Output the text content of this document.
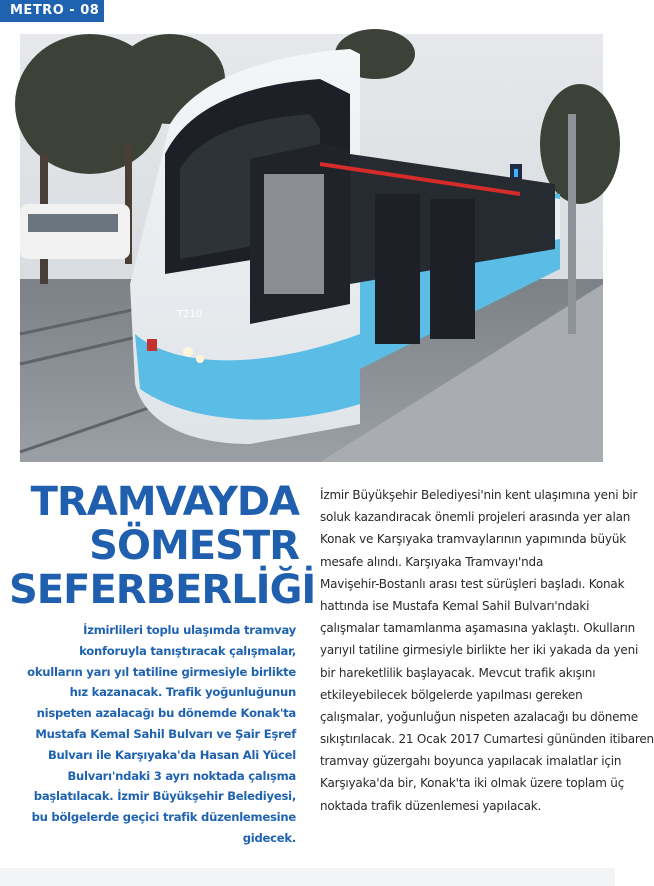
METRO - 08
T210
TRAMVAYDA
SÖMESTR
SEFERBERLİĞİ
İzmirlileri toplu ulaşımda tramvay konforuyla tanıştıracak çalışmalar, okulların yarı yıl tatiline girmesiyle birlikte hız kazanacak. Trafik yoğunluğunun nispeten azalacağı bu dönemde Konak'ta Mustafa Kemal Sahil Bulvarı ve Şair Eşref Bulvarı ile Karşıyaka'da Hasan Ali Yücel Bulvarı'ndaki 3 ayrı noktada çalışma başlatılacak. İzmir Büyükşehir Belediyesi, bu bölgelerde geçici trafik düzenlemesine gidecek.
İzmir Büyükşehir Belediyesi'nin kent ulaşımına yeni bir
soluk kazandıracak önemli projeleri arasında yer alan
Konak ve Karşıyaka tramvaylarının yapımında büyük
mesafe alındı. Karşıyaka Tramvayı'nda
Mavişehir-Bostanlı arası test sürüşleri başladı. Konak
hattında ise Mustafa Kemal Sahil Bulvarı'ndaki
çalışmalar tamamlanma aşamasına yaklaştı. Okulların
yarıyıl tatiline girmesiyle birlikte her iki yakada da yeni
bir hareketlilik başlayacak. Mevcut trafik akışını
etkileyebilecek bölgelerde yapılması gereken
çalışmalar, yoğunluğun nispeten azalacağı bu döneme
sıkıştırılacak. 21 Ocak 2017 Cumartesi gününden itibaren
tramvay güzergahı boyunca yapılacak imalatlar için
Karşıyaka'da bir, Konak'ta iki olmak üzere toplam üç
noktada trafik düzenlemesi yapılacak.
